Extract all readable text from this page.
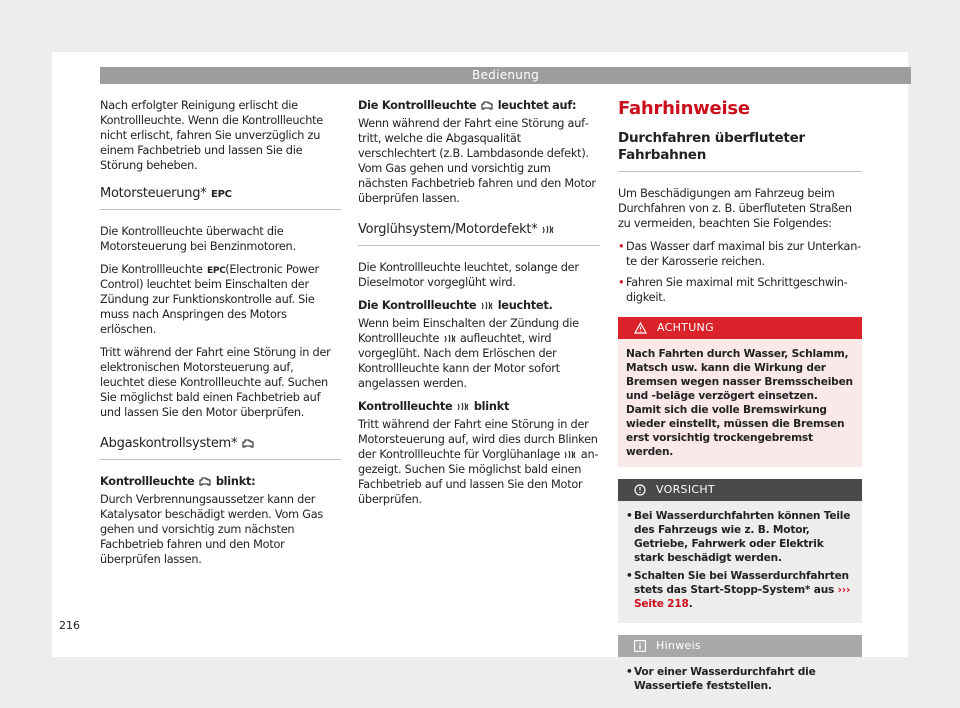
Bedienung

Nach erfolgter Reinigung erlischt die Kontrollleuchte. Wenn die Kontrollleuchte nicht erlischt, fahren Sie unverzüglich zu einem Fachbetrieb und lassen Sie die Störung beheben.

Motorsteuerung* EPC

Die Kontrollleuchte überwacht die Motorsteuerung bei Benzinmotoren.

Die Kontrollleuchte EPC (Electronic Power Control) leuchtet beim Einschalten der Zündung zur Funktionskontrolle auf. Sie muss nach Anspringen des Motors erlöschen.

Tritt während der Fahrt eine Störung in der elektronischen Motorsteuerung auf, leuchtet diese Kontrollleuchte auf. Suchen Sie möglichst bald einen Fachbetrieb auf und lassen Sie den Motor überprüfen.

Abgaskontrollsystem*

Kontrollleuchte blinkt:

Durch Verbrennungsaussetzer kann der Katalysator beschädigt werden. Vom Gas gehen und vorsichtig zum nächsten Fachbetrieb fahren und den Motor überprüfen lassen.

Die Kontrollleuchte leuchtet auf:

Wenn während der Fahrt eine Störung auftritt, welche die Abgasqualität verschlechtert (z.B. Lambdasonde defekt). Vom Gas gehen und vorsichtig zum nächsten Fachbetrieb fahren und den Motor überprüfen lassen.

Vorglühsystem/Motordefekt*

Die Kontrollleuchte leuchtet, solange der Dieselmotor vorgeglüht wird.

Die Kontrollleuchte leuchtet.

Wenn beim Einschalten der Zündung die Kontrollleuchte aufleuchtet, wird vorgeglüht. Nach dem Erlöschen der Kontrollleuchte kann der Motor sofort angelassen werden.

Kontrollleuchte blinkt

Tritt während der Fahrt eine Störung in der Motorsteuerung auf, wird dies durch Blinken der Kontrollleuchte für Vorglühanlage angezeigt. Suchen Sie möglichst bald einen Fachbetrieb auf und lassen Sie den Motor überprüfen.

Fahrhinweise
Durchfahren überfluteter Fahrbahnen

Um Beschädigungen am Fahrzeug beim Durchfahren von z. B. überfluteten Straßen zu vermeiden, beachten Sie Folgendes:

• Das Wasser darf maximal bis zur Unterkante der Karosserie reichen.
• Fahren Sie maximal mit Schrittgeschwindigkeit.
ACHTUNG
Nach Fahrten durch Wasser, Schlamm, Matsch usw. kann die Wirkung der Bremsen wegen nasser Bremsscheiben und -beläge verzögert einsetzen. Damit sich die volle Bremswirkung wieder einstellt, müssen die Bremsen erst vorsichtig trockengebremst werden.
VORSICHT
• Bei Wasserdurchfahrten können Teile des Fahrzeugs wie z. B. Motor, Getriebe, Fahrwerk oder Elektrik stark beschädigt werden.
• Schalten Sie bei Wasserdurchfahrten stets das Start-Stopp-System* aus ››› Seite 218.
Hinweis
• Vor einer Wasserdurchfahrt die Wassertiefe feststellen.
216
